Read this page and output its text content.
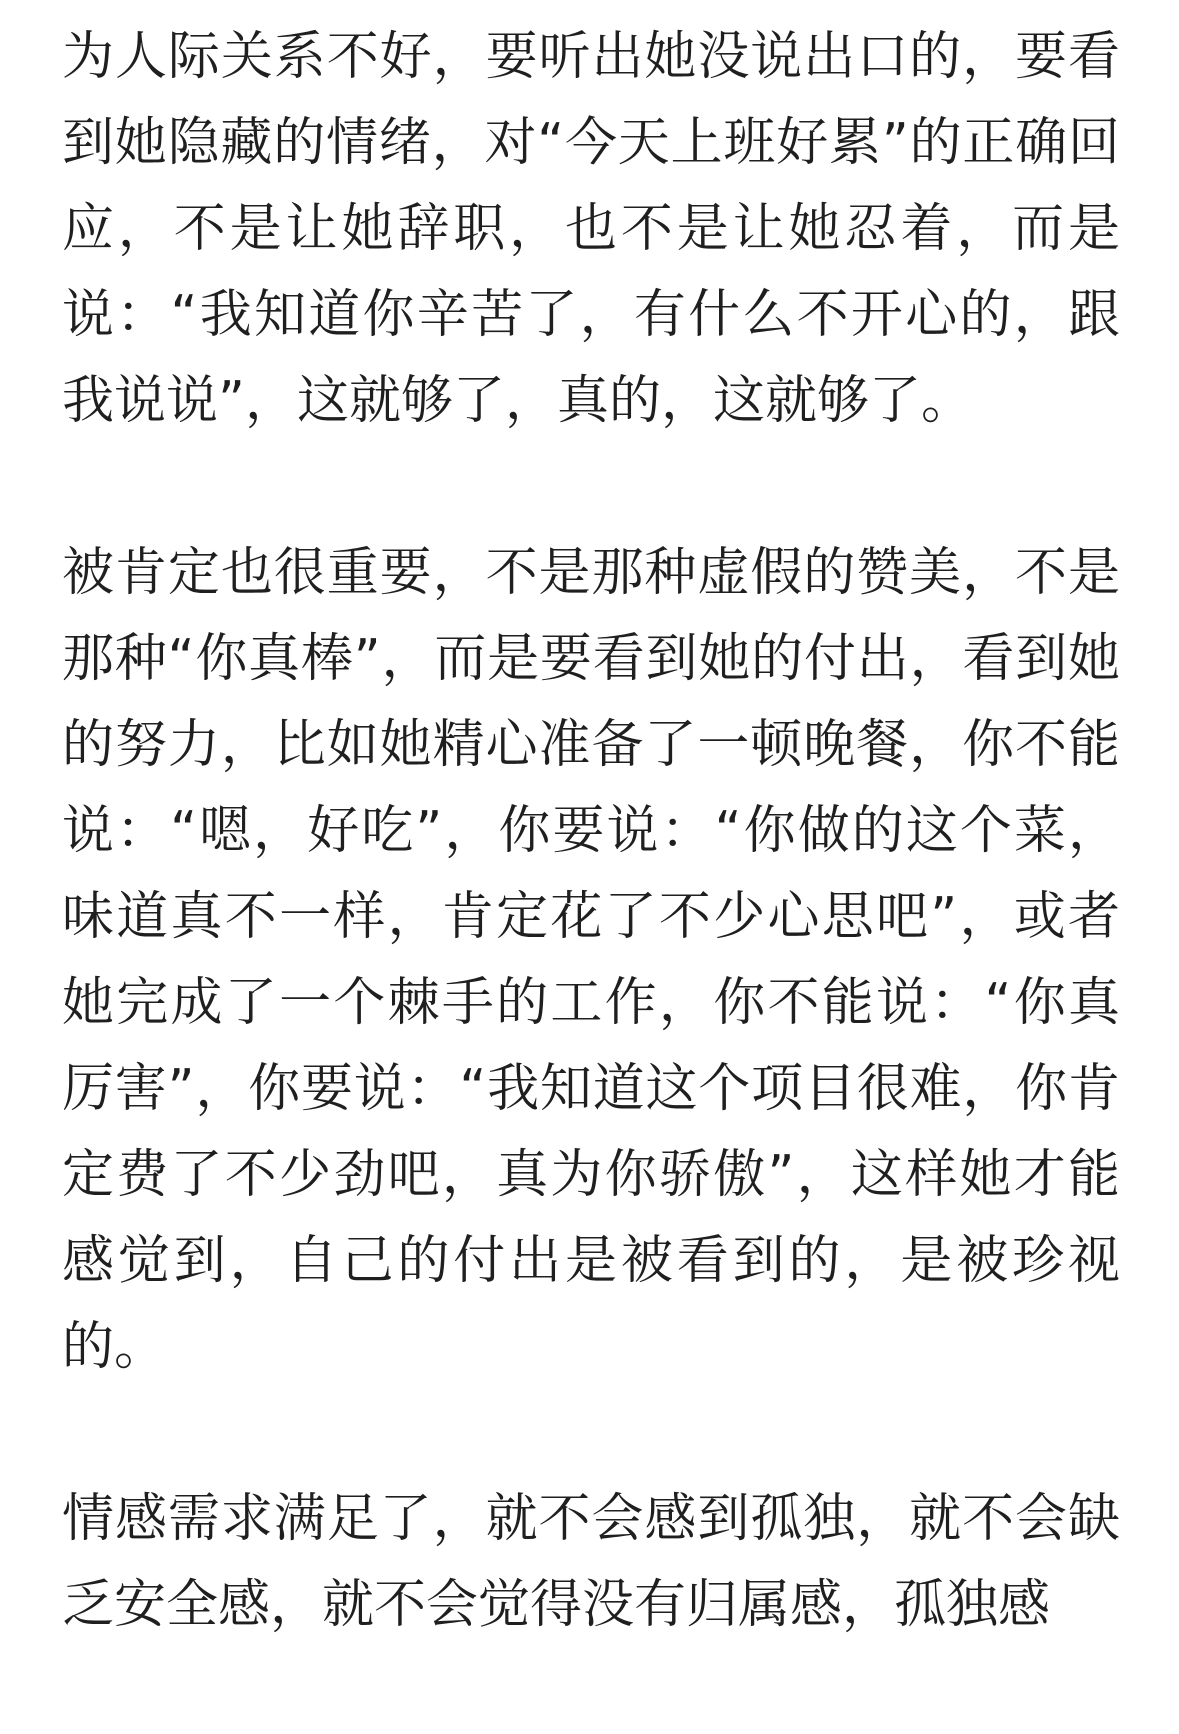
为人际关系不好，要听出她没说出口的，要看到她隐藏的情绪，对“今天上班好累”的正确回应，不是让她辞职，也不是让她忍着，而是说：“我知道你辛苦了，有什么不开心的，跟我说说”，这就够了，真的，这就够了。

被肯定也很重要，不是那种虚假的赞美，不是那种“你真棒”，而是要看到她的付出，看到她的努力，比如她精心准备了一顿晚餐，你不能说：“嗯，好吃”，你要说：“你做的这个菜，味道真不一样，肯定花了不少心思吧”，或者她完成了一个棘手的工作，你不能说：“你真厉害”，你要说：“我知道这个项目很难，你肯定费了不少劲吧，真为你骄傲”，这样她才能感觉到，自己的付出是被看到的，是被珍视的。

情感需求满足了，就不会感到孤独，就不会缺乏安全感，就不会觉得没有归属感，孤独感
